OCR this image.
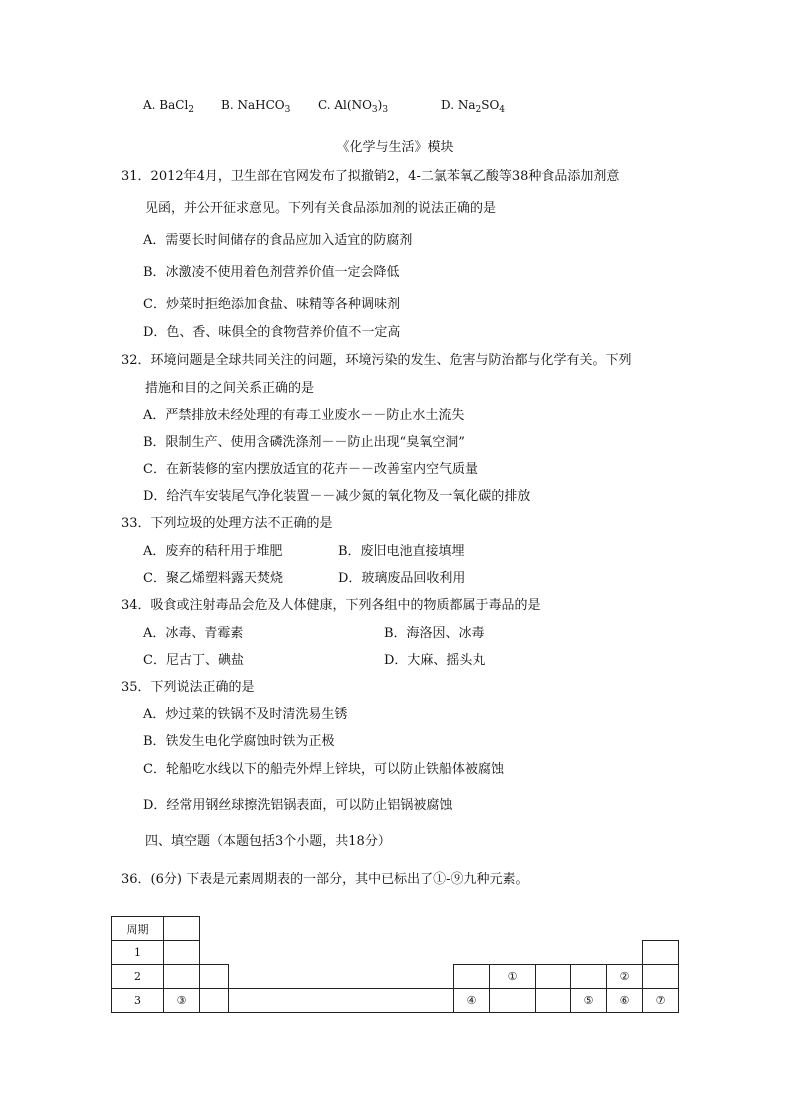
A. BaCl$_2$ B. NaHCO$_3$ C. $Al(NO_3)_3$	D. $Na_2SO_4$
《化学与生活》模块
31．2012年4月，卫生部在官网发布了拟撤销2，4-二氯苯氧乙酸等38种食品添加剂意
见函，并公开征求意见。下列有关食品添加剂的说法正确的是
A．需要长时间储存的食品应加入适宜的防腐剂
B．冰激凌不使用着色剂营养价值一定会降低
C．炒菜时拒绝添加食盐、味精等各种调味剂
D．色、香、味俱全的食物营养价值不一定高
32．环境问题是全球共同关注的问题，环境污染的发生、危害与防治都与化学有关。下列
措施和目的之间关系正确的是
A．严禁排放未经处理的有毒工业废水－－防止水土流失
B．限制生产、使用含磷洗涤剂－－防止出现“臭氧空洞”
C．在新装修的室内摆放适宜的花卉－－改善室内空气质量
D．给汽车安装尾气净化装置－－减少氮的氧化物及一氧化碳的排放
33．下列垃圾的处理方法不正确的是
A．废弃的秸秆用于堆肥	B．废旧电池直接填埋
C．聚乙烯塑料露天焚烧	D．玻璃废品回收利用
34．吸食或注射毒品会危及人体健康，下列各组中的物质都属于毒品的是
A．冰毒、青霉素	B．海洛因、冰毒
C．尼古丁、碘盐	D．大麻、摇头丸
35．下列说法正确的是
A．炒过菜的铁锅不及时清洗易生锈
B．铁发生电化学腐蚀时铁为正极
C．轮船吃水线以下的船壳外焊上锌块，可以防止铁船体被腐蚀
D．经常用钢丝球擦洗铝锅表面，可以防止铝锅被腐蚀
四、填空题（本题包括3个小题，共18分）
36．(6分) 下表是元素周期表的一部分，其中已标出了①-⑨九种元素。
周期									
1									
2					①			②	
3	③			④			⑤	⑥	⑦
